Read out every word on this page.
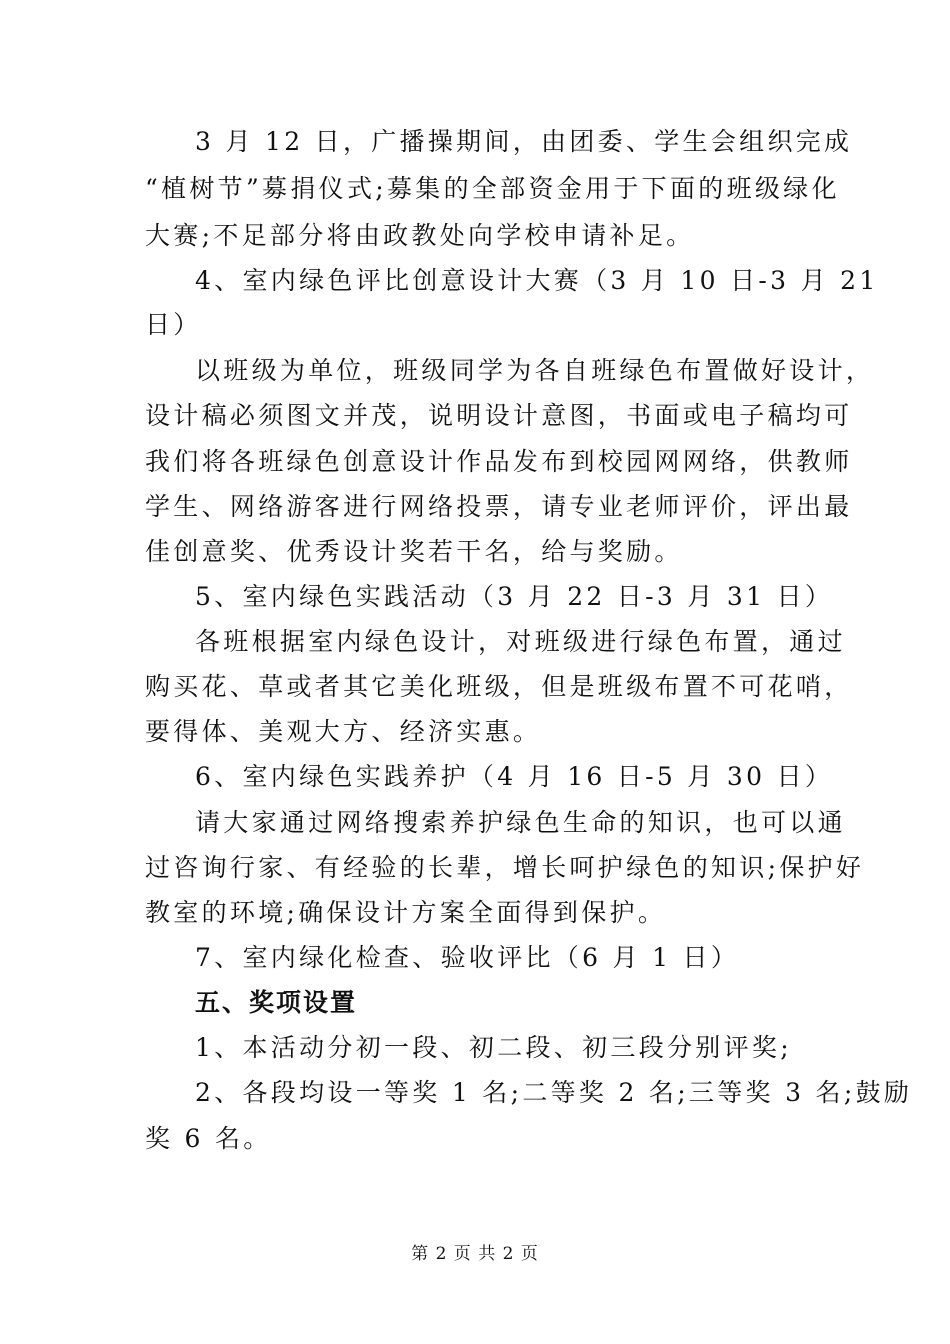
3 月 12 日，广播操期间，由团委、学生会组织完成
“植树节”募捐仪式;募集的全部资金用于下面的班级绿化
大赛;不足部分将由政教处向学校申请补足。
4、室内绿色评比创意设计大赛（3 月 10 日-3 月 21
日）
以班级为单位，班级同学为各自班绿色布置做好设计，
设计稿必须图文并茂，说明设计意图，书面或电子稿均可
我们将各班绿色创意设计作品发布到校园网网络，供教师
学生、网络游客进行网络投票，请专业老师评价，评出最
佳创意奖、优秀设计奖若干名，给与奖励。
5、室内绿色实践活动（3 月 22 日-3 月 31 日）
各班根据室内绿色设计，对班级进行绿色布置，通过
购买花、草或者其它美化班级，但是班级布置不可花哨，
要得体、美观大方、经济实惠。
6、室内绿色实践养护（4 月 16 日-5 月 30 日）
请大家通过网络搜索养护绿色生命的知识，也可以通
过咨询行家、有经验的长辈，增长呵护绿色的知识;保护好
教室的环境;确保设计方案全面得到保护。
7、室内绿化检查、验收评比（6 月 1 日）
五、奖项设置
1、本活动分初一段、初二段、初三段分别评奖;
2、各段均设一等奖 1 名;二等奖 2 名;三等奖 3 名;鼓励
奖 6 名。
第 2 页 共 2 页
